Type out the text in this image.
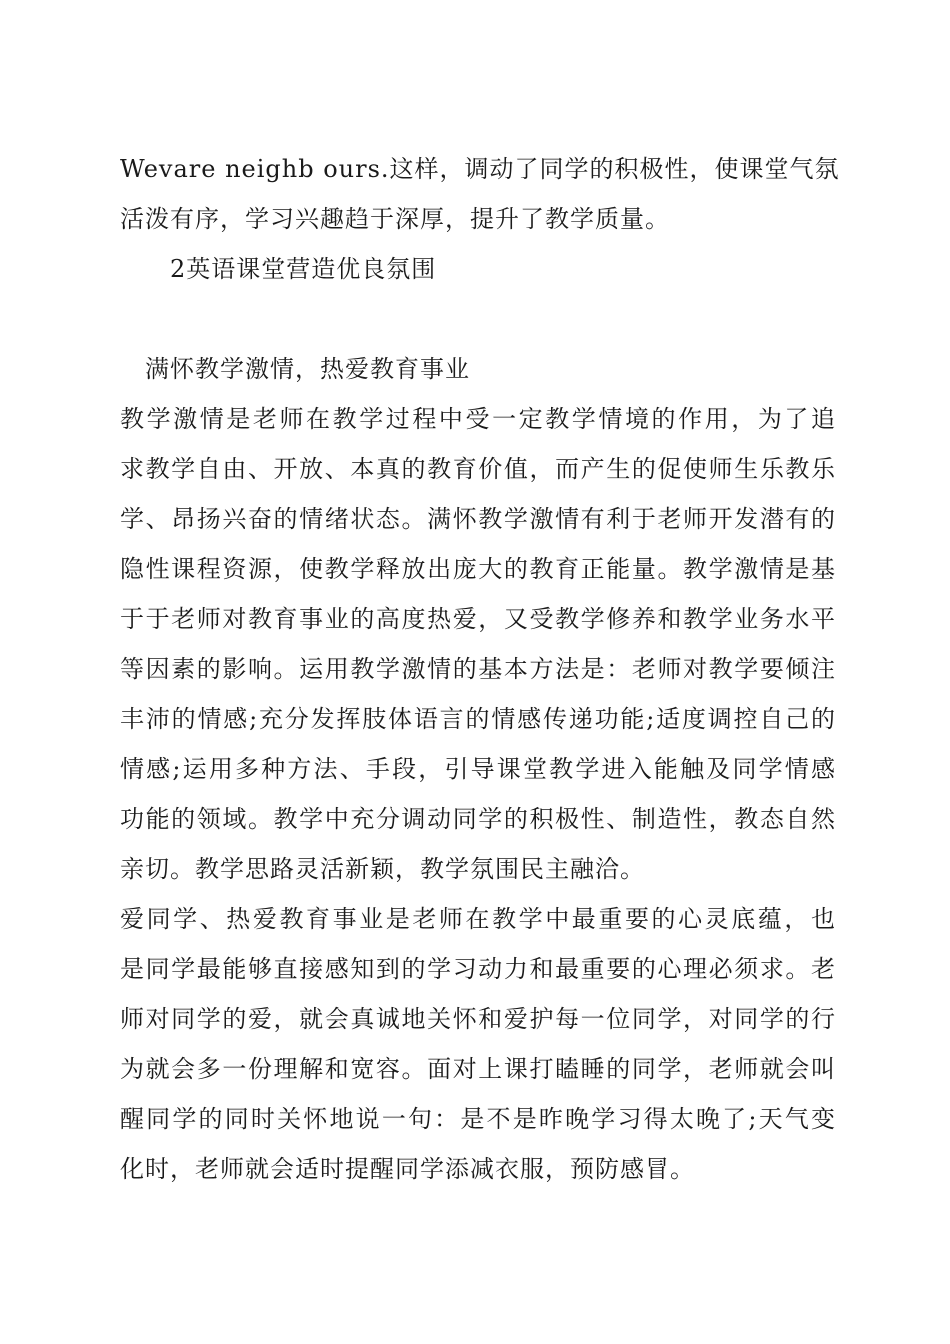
Wevare neighb ours.这样，调动了同学的积极性，使课堂气氛
活泼有序，学习兴趣趋于深厚，提升了教学质量。
2英语课堂营造优良氛围
满怀教学激情，热爱教育事业
教学激情是老师在教学过程中受一定教学情境的作用，为了追
求教学自由、开放、本真的教育价值，而产生的促使师生乐教乐
学、昂扬兴奋的情绪状态。满怀教学激情有利于老师开发潜有的
隐性课程资源，使教学释放出庞大的教育正能量。教学激情是基
于于老师对教育事业的高度热爱，又受教学修养和教学业务水平
等因素的影响。运用教学激情的基本方法是：老师对教学要倾注
丰沛的情感;充分发挥肢体语言的情感传递功能;适度调控自己的
情感;运用多种方法、手段，引导课堂教学进入能触及同学情感
功能的领域。教学中充分调动同学的积极性、制造性，教态自然
亲切。教学思路灵活新颖，教学氛围民主融洽。
爱同学、热爱教育事业是老师在教学中最重要的心灵底蕴，也
是同学最能够直接感知到的学习动力和最重要的心理必须求。老
师对同学的爱，就会真诚地关怀和爱护每一位同学，对同学的行
为就会多一份理解和宽容。面对上课打瞌睡的同学，老师就会叫
醒同学的同时关怀地说一句：是不是昨晚学习得太晚了;天气变
化时，老师就会适时提醒同学添减衣服，预防感冒。
